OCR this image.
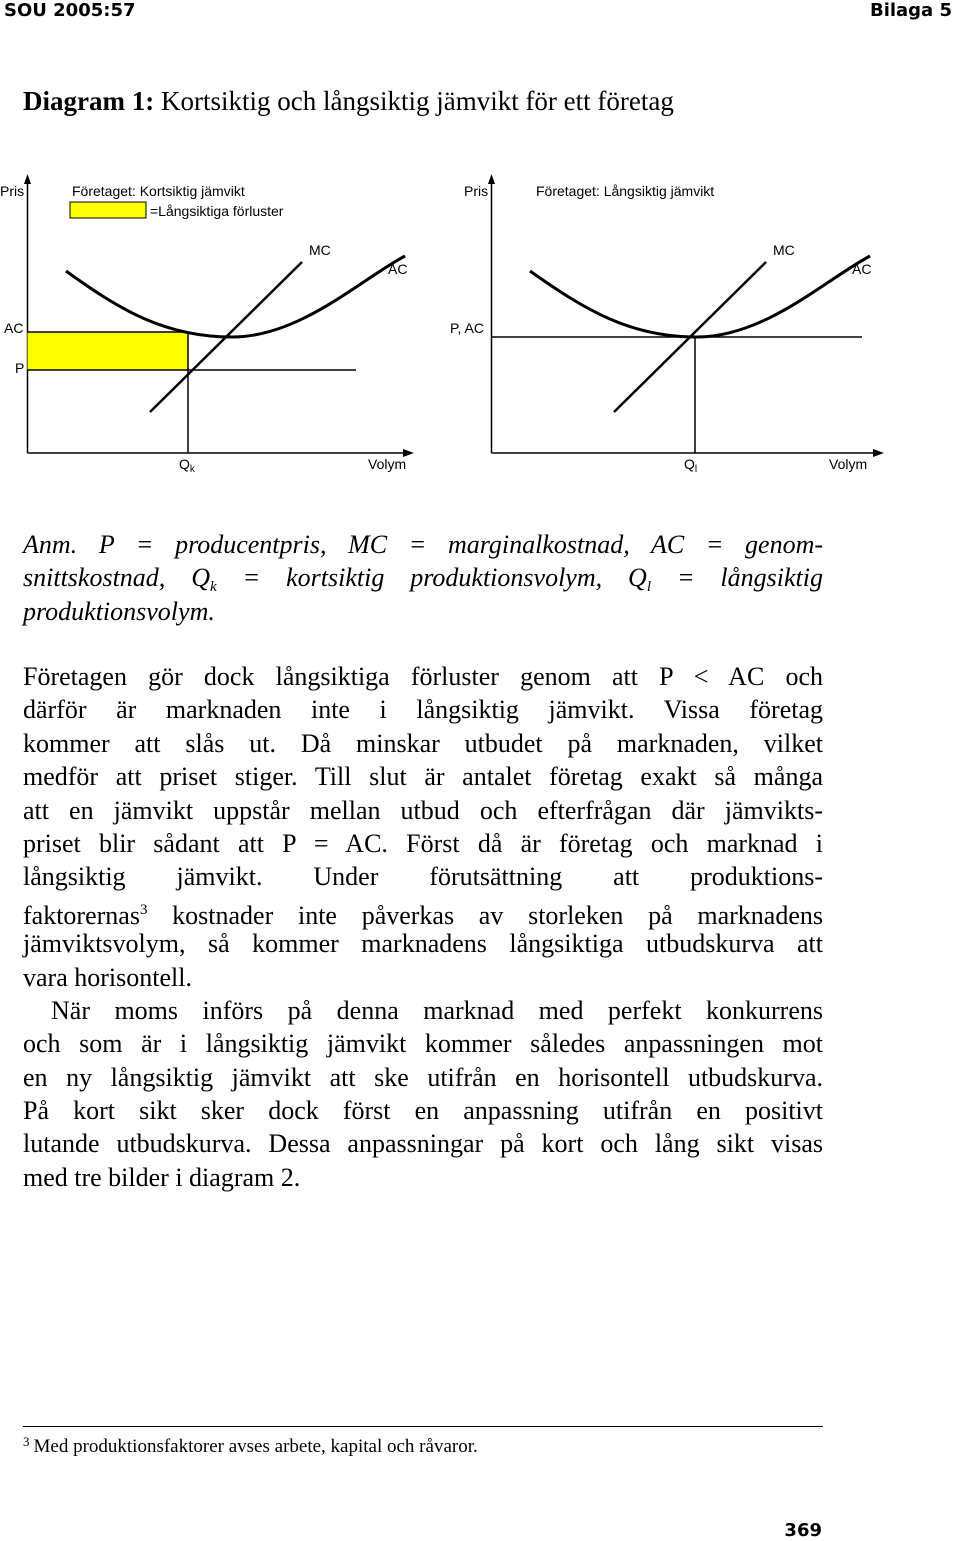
SOU 2005:57	Bilaga 5
Diagram 1: Kortsiktig och långsiktig jämvikt för ett företag
Pris	Företaget: Kortsiktig jämvikt
=Långsiktiga förluster
MC
AC
AC
P
$Q_k$	Volym
Pris	Företaget: Långsiktig jämvikt
MC
AC
P, AC
$Q_l$	Volym
Anm. P = producentpris, MC = marginalkostnad, AC = genom-
snittskostnad, $Q_k$ = kortsiktig produktionsvolym, $Q_l$ = långsiktig
produktionsvolym.
Företagen gör dock långsiktiga förluster genom att P < AC och
därför är marknaden inte i långsiktig jämvikt. Vissa företag
kommer att slås ut. Då minskar utbudet på marknaden, vilket
medför att priset stiger. Till slut är antalet företag exakt så många
att en jämvikt uppstår mellan utbud och efterfrågan där jämvikts-
priset blir sådant att P = AC. Först då är företag och marknad i
långsiktig jämvikt. Under förutsättning att produktions-
faktorernas$^3$ kostnader inte påverkas av storleken på marknadens
jämviktsvolym, så kommer marknadens långsiktiga utbudskurva att
vara horisontell.
När moms införs på denna marknad med perfekt konkurrens
och som är i långsiktig jämvikt kommer således anpassningen mot
en ny långsiktig jämvikt att ske utifrån en horisontell utbudskurva.
På kort sikt sker dock först en anpassning utifrån en positivt
lutande utbudskurva. Dessa anpassningar på kort och lång sikt visas
med tre bilder i diagram 2.
$^3$ Med produktionsfaktorer avses arbete, kapital och råvaror.
369
